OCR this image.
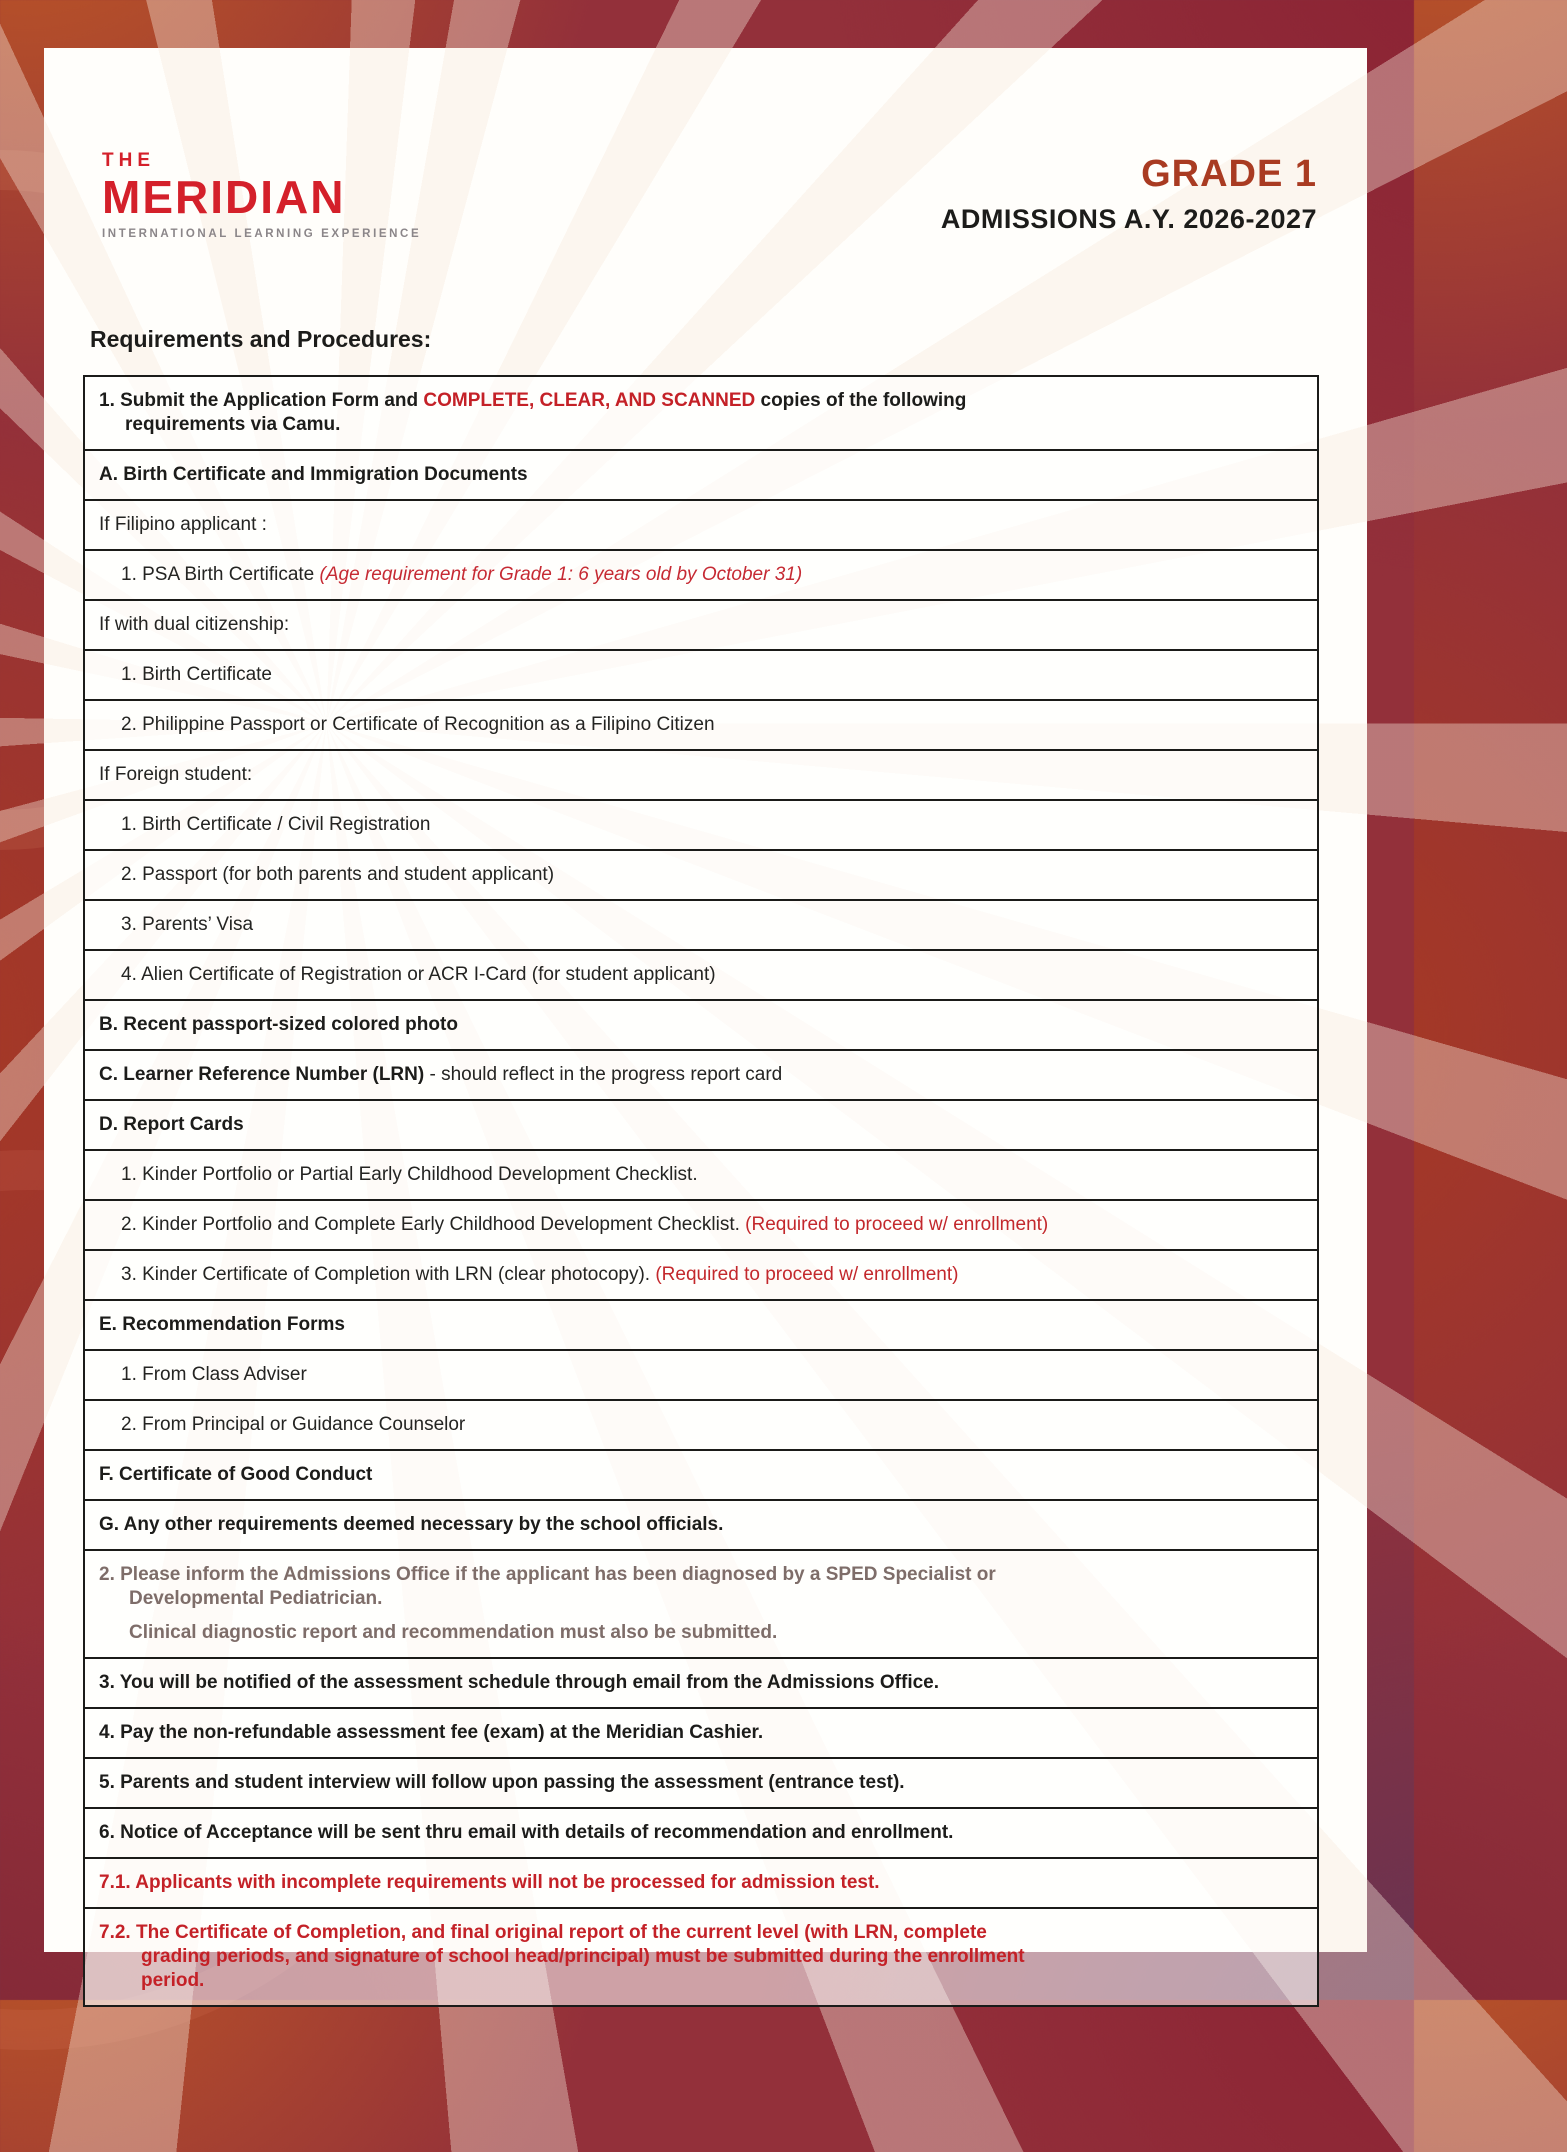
THE
MERIDIAN
INTERNATIONAL LEARNING EXPERIENCE
GRADE 1
ADMISSIONS A.Y. 2026-2027
Requirements and Procedures:
1. Submit the Application Form and COMPLETE, CLEAR, AND SCANNED copies of the following
requirements via Camu.
A. Birth Certificate and Immigration Documents
If Filipino applicant :
1. PSA Birth Certificate (Age requirement for Grade 1: 6 years old by October 31)
If with dual citizenship:
1. Birth Certificate
2. Philippine Passport or Certificate of Recognition as a Filipino Citizen
If Foreign student:
1. Birth Certificate / Civil Registration
2. Passport (for both parents and student applicant)
3. Parents’ Visa
4. Alien Certificate of Registration or ACR I-Card (for student applicant)
B. Recent passport-sized colored photo
C. Learner Reference Number (LRN) - should reflect in the progress report card
D. Report Cards
1. Kinder Portfolio or Partial Early Childhood Development Checklist.
2. Kinder Portfolio and Complete Early Childhood Development Checklist. (Required to proceed w/ enrollment)
3. Kinder Certificate of Completion with LRN (clear photocopy). (Required to proceed w/ enrollment)
E. Recommendation Forms
1. From Class Adviser
2. From Principal or Guidance Counselor
F. Certificate of Good Conduct
G. Any other requirements deemed necessary by the school officials.
2. Please inform the Admissions Office if the applicant has been diagnosed by a SPED Specialist or
Developmental Pediatrician.
Clinical diagnostic report and recommendation must also be submitted.
3. You will be notified of the assessment schedule through email from the Admissions Office.
4. Pay the non-refundable assessment fee (exam) at the Meridian Cashier.
5. Parents and student interview will follow upon passing the assessment (entrance test).
6. Notice of Acceptance will be sent thru email with details of recommendation and enrollment.
7.1. Applicants with incomplete requirements will not be processed for admission test.
7.2. The Certificate of Completion, and final original report of the current level (with LRN, complete
grading periods, and signature of school head/principal) must be submitted during the enrollment
period.
